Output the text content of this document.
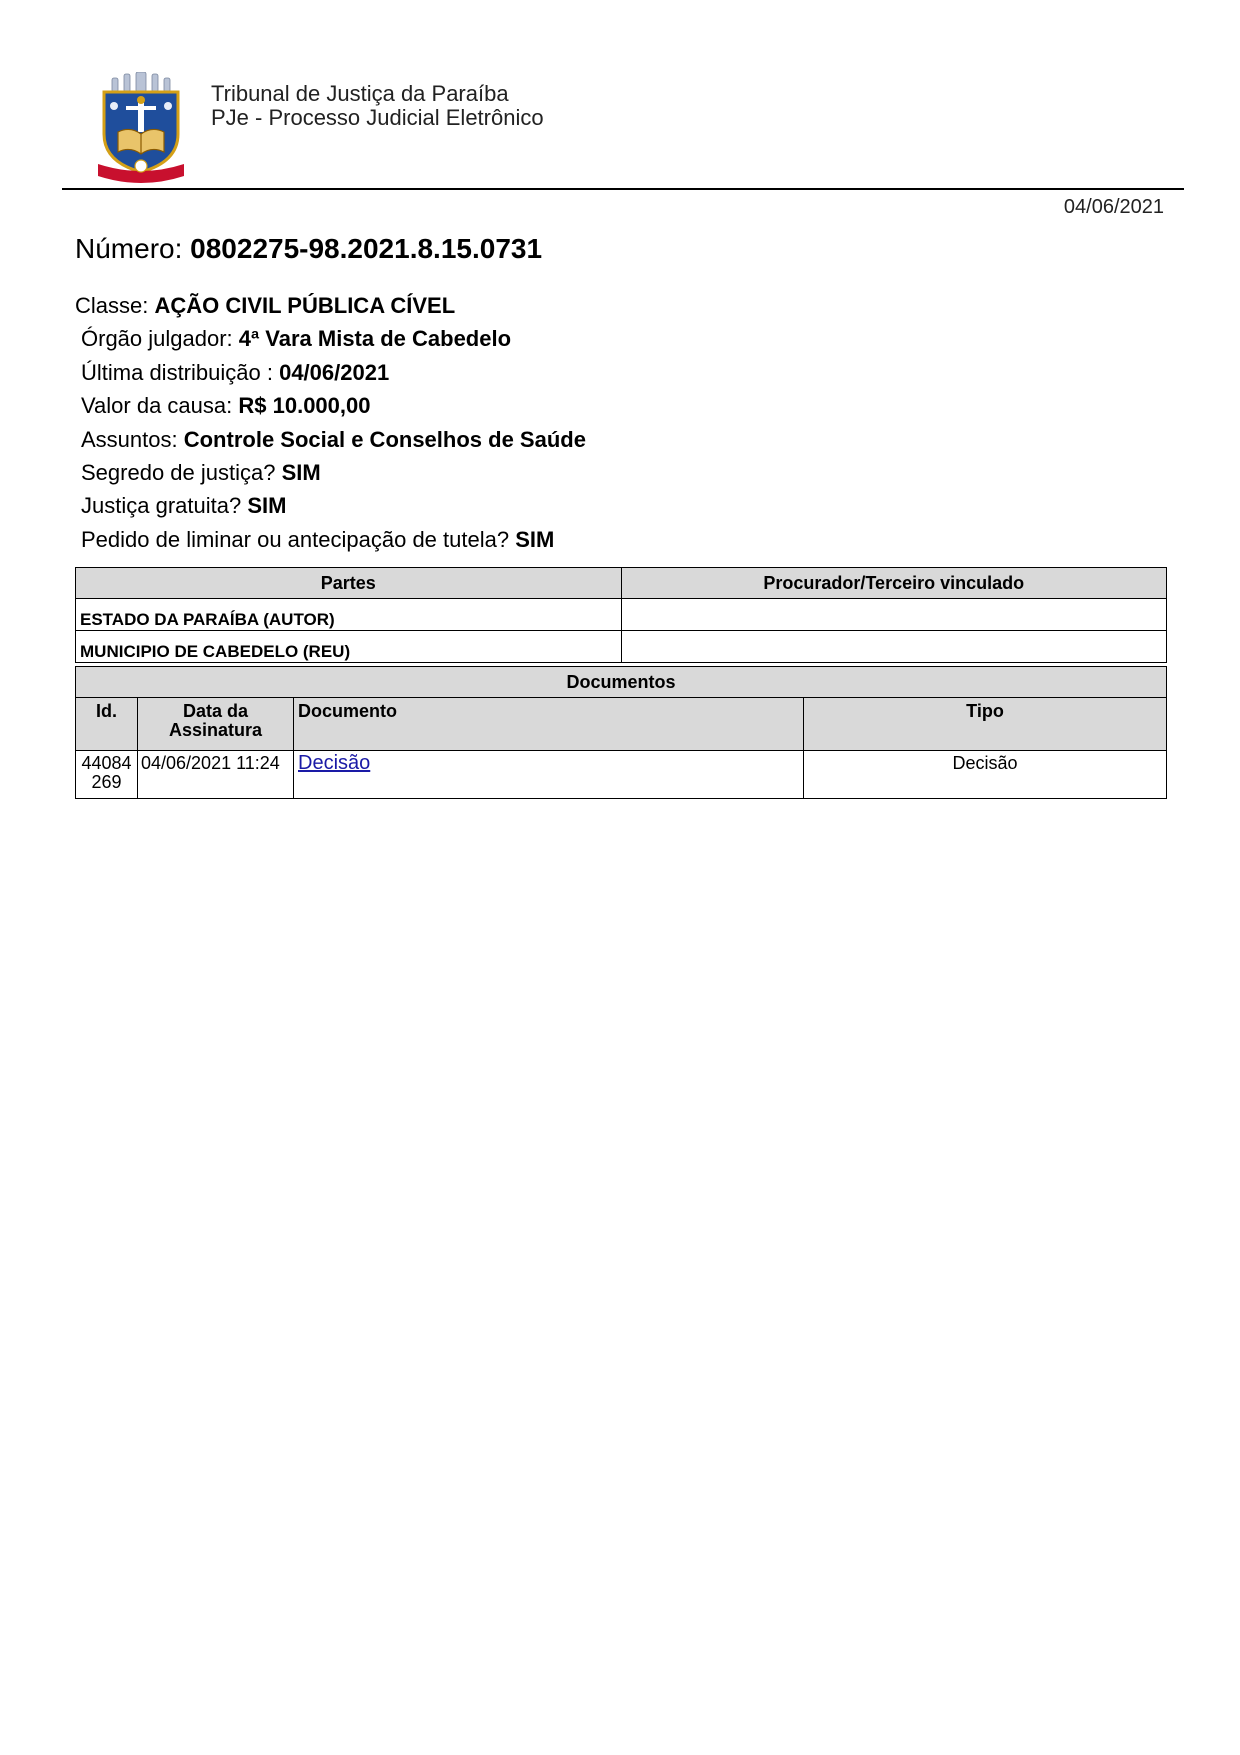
Tribunal de Justiça da Paraíba
PJe - Processo Judicial Eletrônico
04/06/2021
Número: 0802275-98.2021.8.15.0731
Classe: AÇÃO CIVIL PÚBLICA CÍVEL
Órgão julgador: 4ª Vara Mista de Cabedelo
Última distribuição : 04/06/2021
Valor da causa: R$ 10.000,00
Assuntos: Controle Social e Conselhos de Saúde
Segredo de justiça? SIM
Justiça gratuita? SIM
Pedido de liminar ou antecipação de tutela? SIM
Partes	Procurador/Terceiro vinculado
ESTADO DA PARAÍBA (AUTOR)	
MUNICIPIO DE CABEDELO (REU)	
Documentos			
Id.	Data da Assinatura	Documento	Tipo
44084269	04/06/2021 11:24	Decisão	Decisão
